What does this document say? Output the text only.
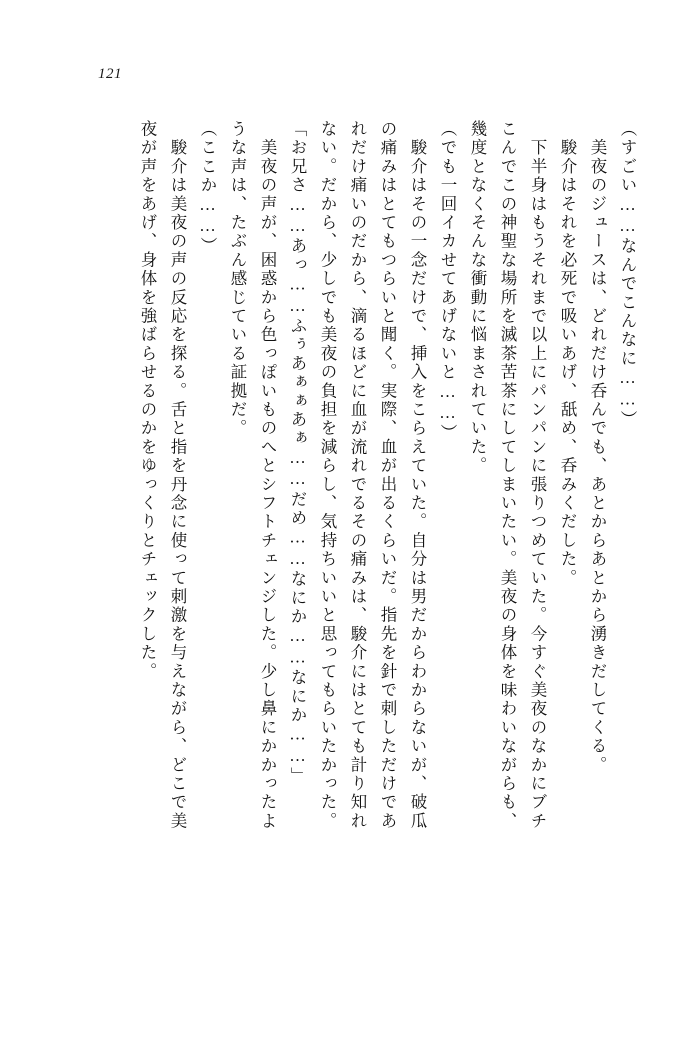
121
（すごい……なんでこんなに……）
　美夜のジュースは、どれだけ呑んでも、あとからあとから湧きだしてくる。
　駿介はそれを必死で吸いあげ、舐め、呑みくだした。
　下半身はもうそれまで以上にパンパンに張りつめていた。今すぐ美夜のなかにブチ
こんでこの神聖な場所を滅茶苦茶にしてしまいたい。美夜の身体を味わいながらも、
幾度となくそんな衝動に悩まされていた。
（でも一回イカせてあげないと……）
　駿介はその一念だけで、挿入をこらえていた。自分は男だからわからないが、破瓜
の痛みはとてもつらいと聞く。実際、血が出るくらいだ。指先を針で刺しただけであ
れだけ痛いのだから、滴るほどに血が流れでるその痛みは、駿介にはとても計り知れ
ない。だから、少しでも美夜の負担を減らし、気持ちいいと思ってもらいたかった。
「お兄さ……あっ……ふぅあぁぁあぁ……だめ……なにか……なにか……」
　美夜の声が、困惑から色っぽいものへとシフトチェンジした。少し鼻にかかったよ
うな声は、たぶん感じている証拠だ。
（ここか……）
　駿介は美夜の声の反応を探る。舌と指を丹念に使って刺激を与えながら、どこで美
夜が声をあげ、身体を強ばらせるのかをゆっくりとチェックした。
